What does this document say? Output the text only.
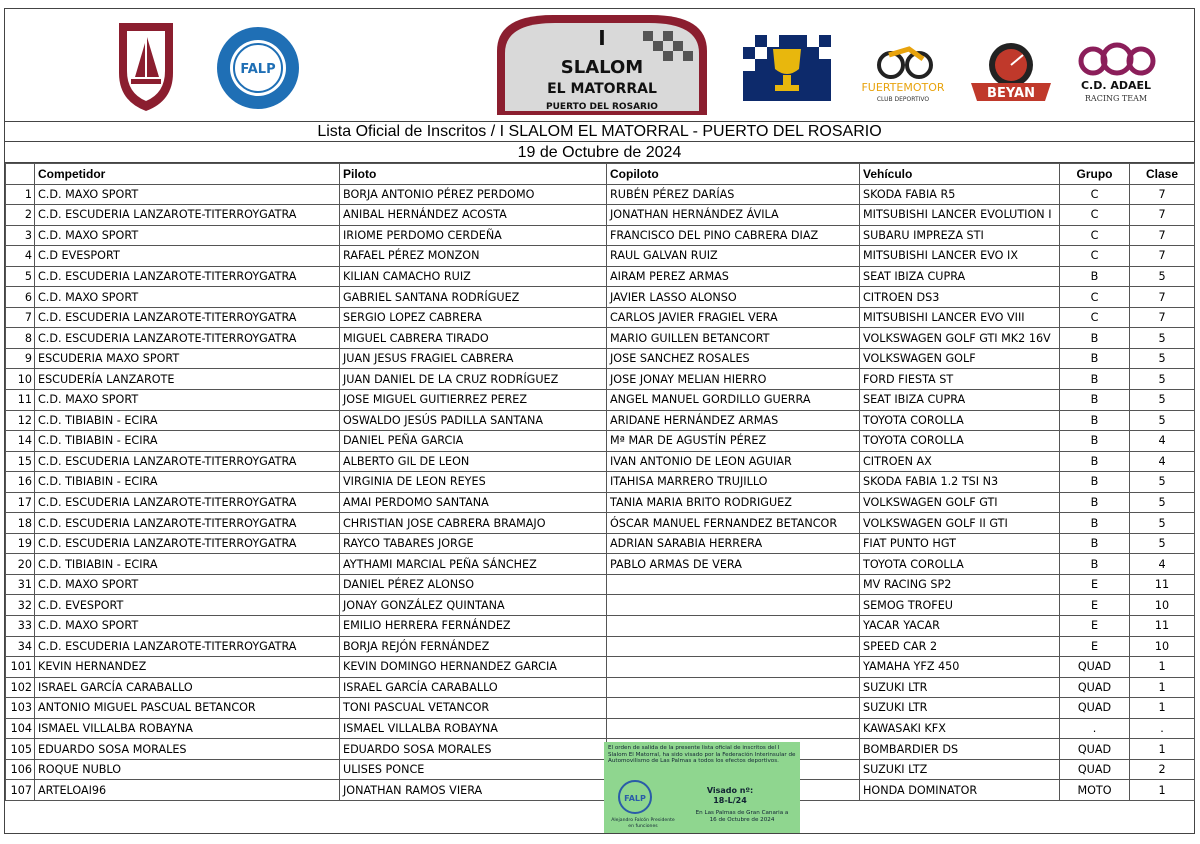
FALP
I
SLALOM
EL MATORRAL
PUERTO DEL ROSARIO
FUERTEMOTOR
CLUB DEPORTIVO	BEYAN
C.D. ADAEL
RACING TEAM
Lista Oficial de Inscritos / I SLALOM EL MATORRAL - PUERTO DEL ROSARIO
19 de Octubre de 2024
	Competidor	Piloto	Copiloto	Vehículo	Grupo	Clase
1	C.D. MAXO SPORT	BORJA ANTONIO PÉREZ PERDOMO	RUBÉN PÉREZ DARÍAS	SKODA FABIA R5	C	7
2	C.D. ESCUDERIA LANZAROTE-TITERROYGATRA	ANIBAL HERNÁNDEZ ACOSTA	JONATHAN HERNÁNDEZ ÁVILA	MITSUBISHI LANCER EVOLUTION I	C	7
3	C.D. MAXO SPORT	IRIOME PERDOMO CERDEÑA	FRANCISCO DEL PINO CABRERA DIAZ	SUBARU IMPREZA STI	C	7
4	C.D EVESPORT	RAFAEL PÉREZ MONZON	RAUL GALVAN RUIZ	MITSUBISHI LANCER EVO IX	C	7
5	C.D. ESCUDERIA LANZAROTE-TITERROYGATRA	KILIAN CAMACHO RUIZ	AIRAM PEREZ ARMAS	SEAT IBIZA CUPRA	B	5
6	C.D. MAXO SPORT	GABRIEL SANTANA RODRÍGUEZ	JAVIER LASSO ALONSO	CITROEN DS3	C	7
7	C.D. ESCUDERIA LANZAROTE-TITERROYGATRA	SERGIO LOPEZ CABRERA	CARLOS JAVIER FRAGIEL VERA	MITSUBISHI LANCER EVO VIII	C	7
8	C.D. ESCUDERIA LANZAROTE-TITERROYGATRA	MIGUEL CABRERA TIRADO	MARIO GUILLEN BETANCORT	VOLKSWAGEN GOLF GTI MK2 16V	B	5
9	ESCUDERIA MAXO SPORT	JUAN JESUS FRAGIEL CABRERA	JOSE SANCHEZ ROSALES	VOLKSWAGEN GOLF	B	5
10	ESCUDERÍA LANZAROTE	JUAN DANIEL DE LA CRUZ RODRÍGUEZ	JOSE JONAY MELIAN HIERRO	FORD FIESTA ST	B	5
11	C.D. MAXO SPORT	JOSE MIGUEL GUITIERREZ PEREZ	ANGEL MANUEL GORDILLO GUERRA	SEAT IBIZA CUPRA	B	5
12	C.D. TIBIABIN - ECIRA	OSWALDO JESÚS PADILLA SANTANA	ARIDANE HERNÁNDEZ ARMAS	TOYOTA COROLLA	B	5
14	C.D. TIBIABIN - ECIRA	DANIEL PEÑA GARCIA	Mª MAR DE AGUSTÍN PÉREZ	TOYOTA COROLLA	B	4
15	C.D. ESCUDERIA LANZAROTE-TITERROYGATRA	ALBERTO GIL DE LEON	IVAN ANTONIO DE LEON AGUIAR	CITROEN AX	B	4
16	C.D. TIBIABIN - ECIRA	VIRGINIA DE LEON REYES	ITAHISA MARRERO TRUJILLO	SKODA FABIA 1.2 TSI N3	B	5
17	C.D. ESCUDERIA LANZAROTE-TITERROYGATRA	AMAI PERDOMO SANTANA	TANIA MARIA BRITO RODRIGUEZ	VOLKSWAGEN GOLF GTI	B	5
18	C.D. ESCUDERIA LANZAROTE-TITERROYGATRA	CHRISTIAN JOSE CABRERA BRAMAJO	ÓSCAR MANUEL FERNANDEZ BETANCOR	VOLKSWAGEN GOLF II GTI	B	5
19	C.D. ESCUDERIA LANZAROTE-TITERROYGATRA	RAYCO TABARES JORGE	ADRIAN SARABIA HERRERA	FIAT PUNTO HGT	B	5
20	C.D. TIBIABIN - ECIRA	AYTHAMI MARCIAL PEÑA SÁNCHEZ	PABLO ARMAS DE VERA	TOYOTA COROLLA	B	4
31	C.D. MAXO SPORT	DANIEL PÉREZ ALONSO		MV RACING SP2	E	11
32	C.D. EVESPORT	JONAY GONZÁLEZ QUINTANA		SEMOG TROFEU	E	10
33	C.D. MAXO SPORT	EMILIO HERRERA FERNÁNDEZ		YACAR YACAR	E	11
34	C.D. ESCUDERIA LANZAROTE-TITERROYGATRA	BORJA REJÓN FERNÁNDEZ		SPEED CAR 2	E	10
101	KEVIN HERNANDEZ	KEVIN DOMINGO HERNANDEZ GARCIA		YAMAHA YFZ 450	QUAD	1
102	ISRAEL GARCÍA CARABALLO	ISRAEL GARCÍA CARABALLO		SUZUKI LTR	QUAD	1
103	ANTONIO MIGUEL PASCUAL BETANCOR	TONI PASCUAL VETANCOR		SUZUKI LTR	QUAD	1
104	ISMAEL VILLALBA ROBAYNA	ISMAEL VILLALBA ROBAYNA		KAWASAKI KFX	.	.
105	EDUARDO SOSA MORALES	EDUARDO SOSA MORALES		BOMBARDIER DS	QUAD	1
106	ROQUE NUBLO	ULISES PONCE		SUZUKI LTZ	QUAD	2
107	ARTELOAI96	JONATHAN RAMOS VIERA		HONDA DOMINATOR	MOTO	1
El orden de salida de la presente lista oficial de inscritos del I Slalom El Matorral, ha sido visado por la Federación Interinsular de Automovilismo de Las Palmas a todos los efectos deportivos.
FALP
Visado nº:
18-L/24
En Las Palmas de Gran Canaria a 16 de Octubre de 2024
Alejandro Falcón Presidente en funciones
